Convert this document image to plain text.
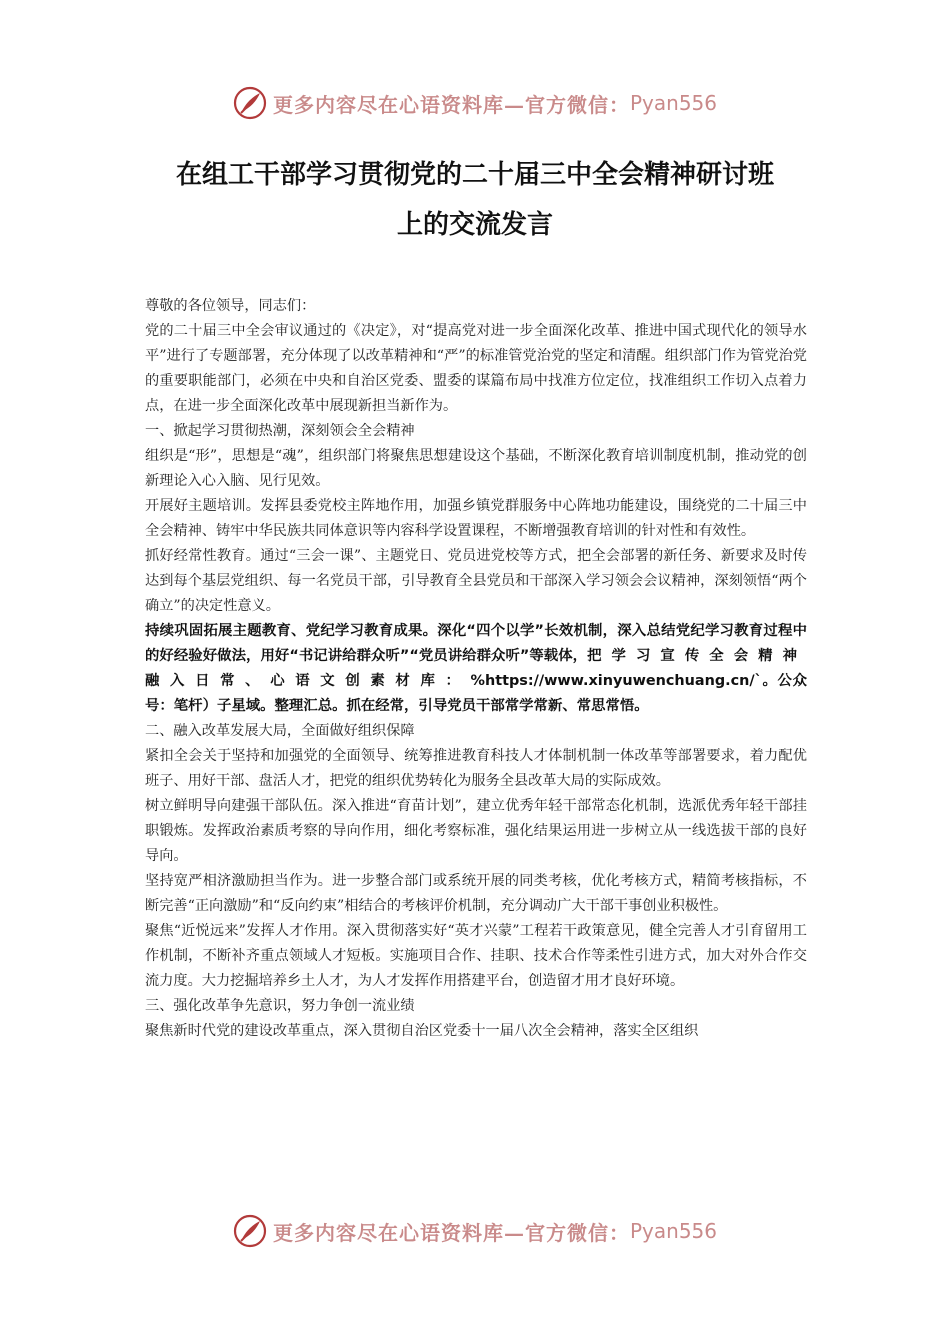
更多内容尽在心语资料库—官方微信： Pyan556
在组工干部学习贯彻党的二十届三中全会精神研讨班
上的交流发言

尊敬的各位领导，同志们：

党的二十届三中全会审议通过的《决定》，对“提高党对进一步全面深化改革、推进中国式现代化的领导水平”进行了专题部署，充分体现了以改革精神和“严”的标准管党治党的坚定和清醒。组织部门作为管党治党的重要职能部门，必须在中央和自治区党委、盟委的谋篇布局中找准方位定位，找准组织工作切入点着力点，在进一步全面深化改革中展现新担当新作为。

一、掀起学习贯彻热潮，深刻领会全会精神

组织是“形”，思想是“魂”，组织部门将聚焦思想建设这个基础，不断深化教育培训制度机制，推动党的创新理论入心入脑、见行见效。

开展好主题培训。发挥县委党校主阵地作用，加强乡镇党群服务中心阵地功能建设，围绕党的二十届三中全会精神、铸牢中华民族共同体意识等内容科学设置课程，不断增强教育培训的针对性和有效性。

抓好经常性教育。通过“三会一课”、主题党日、党员进党校等方式，把全会部署的新任务、新要求及时传达到每个基层党组织、每一名党员干部，引导教育全县党员和干部深入学习领会会议精神，深刻领悟“两个确立”的决定性意义。

持续巩固拓展主题教育、党纪学习教育成果。深化“四个以学”长效机制，深入总结党纪学习教育过程中的好经验好做法，用好“书记讲给群众听”“党员讲给群众听”等载体，把学习宣传全会精神融入日常、心语文创素材库：%https://www.xinyuwenchuang.cn/`。公众号：笔杆）子星域。整理汇总。抓在经常，引导党员干部常学常新、常思常悟。

二、融入改革发展大局，全面做好组织保障

紧扣全会关于坚持和加强党的全面领导、统筹推进教育科技人才体制机制一体改革等部署要求，着力配优班子、用好干部、盘活人才，把党的组织优势转化为服务全县改革大局的实际成效。

树立鲜明导向建强干部队伍。深入推进“育苗计划”，建立优秀年轻干部常态化机制，选派优秀年轻干部挂职锻炼。发挥政治素质考察的导向作用，细化考察标准，强化结果运用进一步树立从一线选拔干部的良好导向。

坚持宽严相济激励担当作为。进一步整合部门或系统开展的同类考核，优化考核方式，精简考核指标，不断完善“正向激励”和“反向约束”相结合的考核评价机制，充分调动广大干部干事创业积极性。

聚焦“近悦远来”发挥人才作用。深入贯彻落实好“英才兴蒙”工程若干政策意见，健全完善人才引育留用工作机制，不断补齐重点领域人才短板。实施项目合作、挂职、技术合作等柔性引进方式，加大对外合作交流力度。大力挖掘培养乡土人才，为人才发挥作用搭建平台，创造留才用才良好环境。

三、强化改革争先意识，努力争创一流业绩

聚焦新时代党的建设改革重点，深入贯彻自治区党委十一届八次全会精神，落实全区组织

更多内容尽在心语资料库—官方微信： Pyan556
